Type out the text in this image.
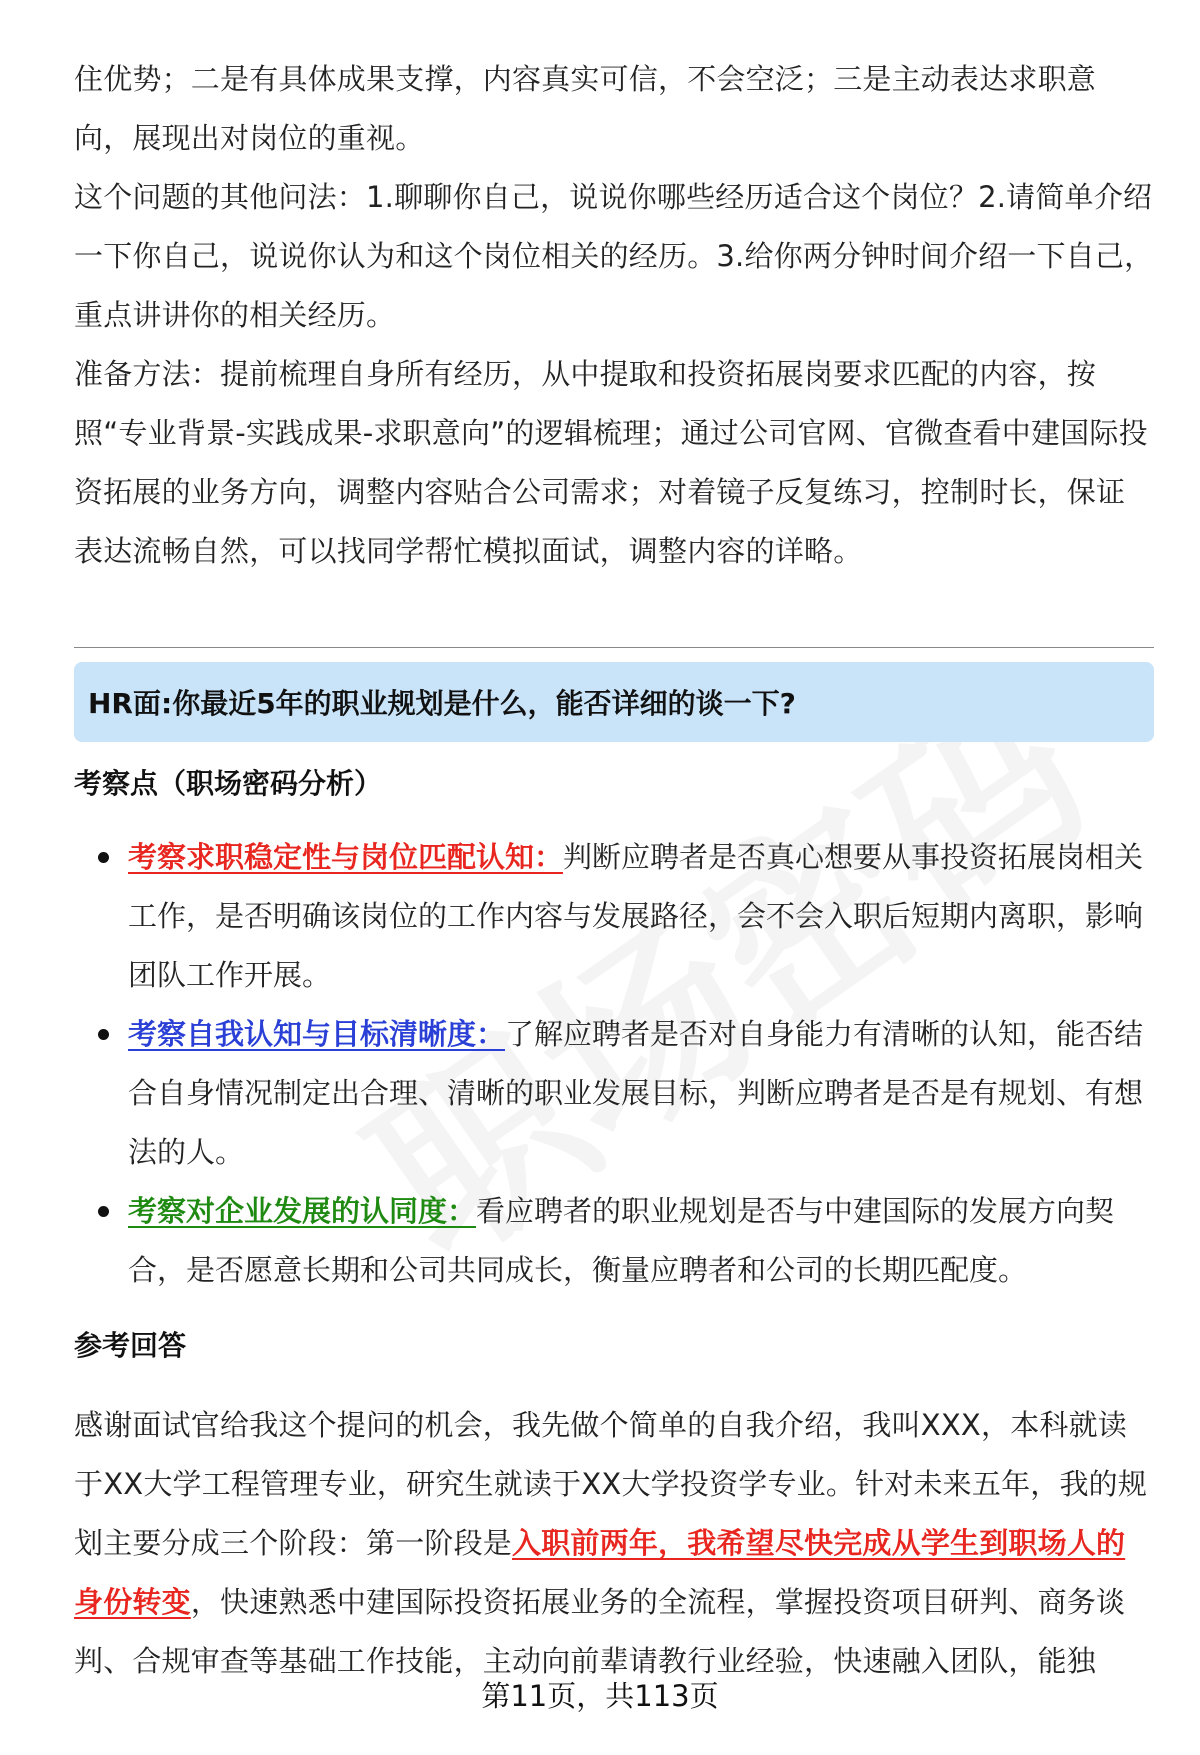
住优势；二是有具体成果支撑，内容真实可信，不会空泛；三是主动表达求职意向，展现出对岗位的重视。

这个问题的其他问法：1.聊聊你自己，说说你哪些经历适合这个岗位？2.请简单介绍一下你自己，说说你认为和这个岗位相关的经历。3.给你两分钟时间介绍一下自己，重点讲讲你的相关经历。

准备方法：提前梳理自身所有经历，从中提取和投资拓展岗要求匹配的内容，按照“专业背景-实践成果-求职意向”的逻辑梳理；通过公司官网、官微查看中建国际投资拓展的业务方向，调整内容贴合公司需求；对着镜子反复练习，控制时长，保证表达流畅自然，可以找同学帮忙模拟面试，调整内容的详略。

HR面:你最近5年的职业规划是什么，能否详细的谈一下?
考察点（职场密码分析）
考察求职稳定性与岗位匹配认知：判断应聘者是否真心想要从事投资拓展岗相关工作，是否明确该岗位的工作内容与发展路径，会不会入职后短期内离职，影响团队工作开展。
考察自我认知与目标清晰度：了解应聘者是否对自身能力有清晰的认知，能否结合自身情况制定出合理、清晰的职业发展目标，判断应聘者是否是有规划、有想法的人。
考察对企业发展的认同度：看应聘者的职业规划是否与中建国际的发展方向契合，是否愿意长期和公司共同成长，衡量应聘者和公司的长期匹配度。
参考回答

感谢面试官给我这个提问的机会，我先做个简单的自我介绍，我叫XXX，本科就读于XX大学工程管理专业，研究生就读于XX大学投资学专业。针对未来五年，我的规划主要分成三个阶段：第一阶段是入职前两年，我希望尽快完成从学生到职场人的身份转变，快速熟悉中建国际投资拓展业务的全流程，掌握投资项目研判、商务谈判、合规审查等基础工作技能，主动向前辈请教行业经验，快速融入团队，能独

第11页，共113页
